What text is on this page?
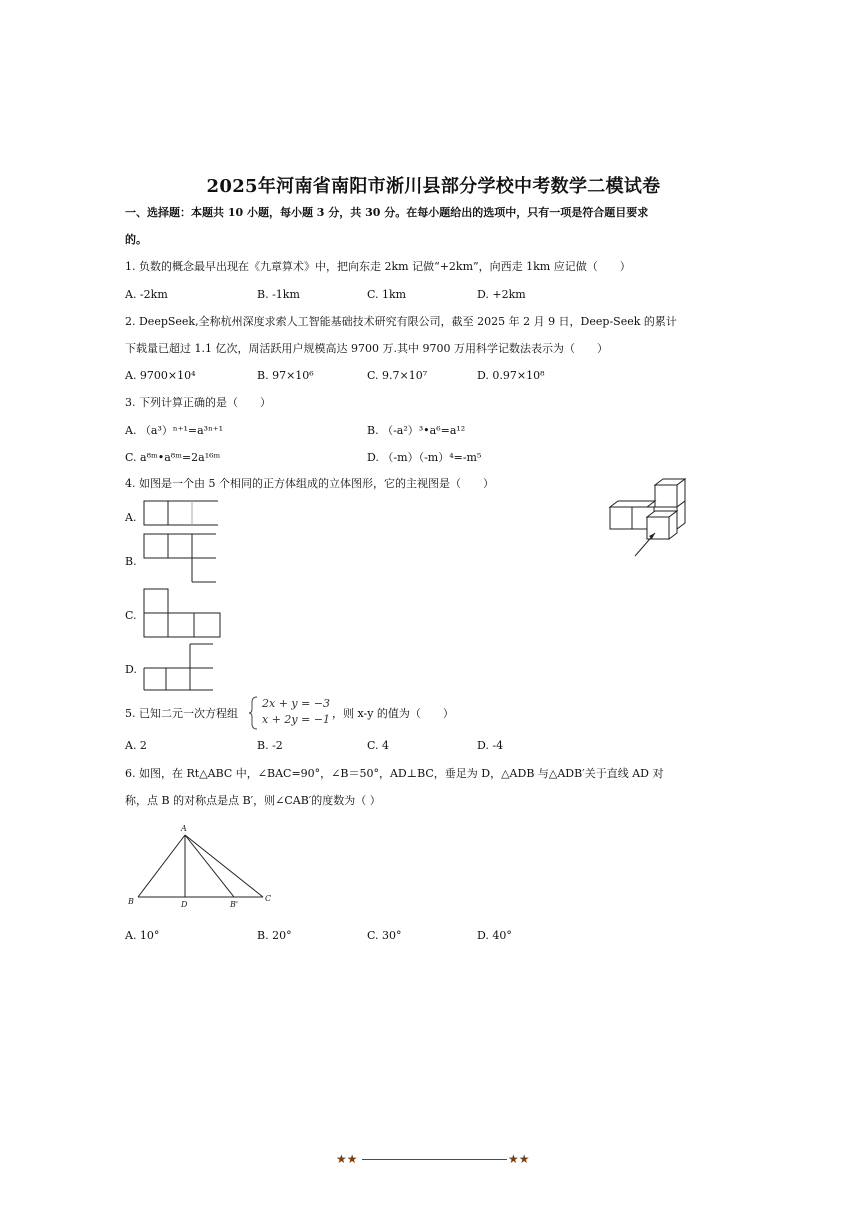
2025年河南省南阳市淅川县部分学校中考数学二模试卷
一、选择题：本题共 10 小题，每小题 3 分，共 30 分。在每小题给出的选项中，只有一项是符合题目要求
的。
1. 负数的概念最早出现在《九章算术》中，把向东走 2km 记做“+2km”，向西走 1km 应记做（　　）
A. -2km	B. -1km	C. 1km	D. +2km
2. DeepSeek,全称杭州深度求索人工智能基础技术研究有限公司，截至 2025 年 2 月 9 日，Deep-Seek 的累计
下载量已超过 1.1 亿次，周活跃用户规模高达 9700 万.其中 9700 万用科学记数法表示为（　　）
A. 9700×10⁴	B. 97×10⁶	C. 9.7×10⁷	D. 0.97×10⁸
3. 下列计算正确的是（　　）
A. （a³）ⁿ⁺¹=a³ⁿ⁺¹	B. （-a²）³•a⁶=a¹²
C. a⁸ᵐ•a⁸ᵐ=2a¹⁶ᵐ	D. （-m）（-m）⁴=-m⁵
4. 如图是一个由 5 个相同的正方体组成的立体图形，它的主视图是（　　）
A.
B.
C.
D.
5. 已知二元一次方程组
2x + y = −3
x + 2y = −1 ，则 x-y 的值为（　　）
A. 2	B. -2	C. 4	D. -4
6. 如图，在 Rt△ABC 中，∠BAC=90°，∠B＝50°，AD⊥BC，垂足为 D，△ADB 与△ADB′关于直线 AD 对
称，点 B 的对称点是点 B′，则∠CAB′的度数为（ ）
A
B	D	B'
C
A. 10°	B. 20°	C. 30°	D. 40°
★★	★★
